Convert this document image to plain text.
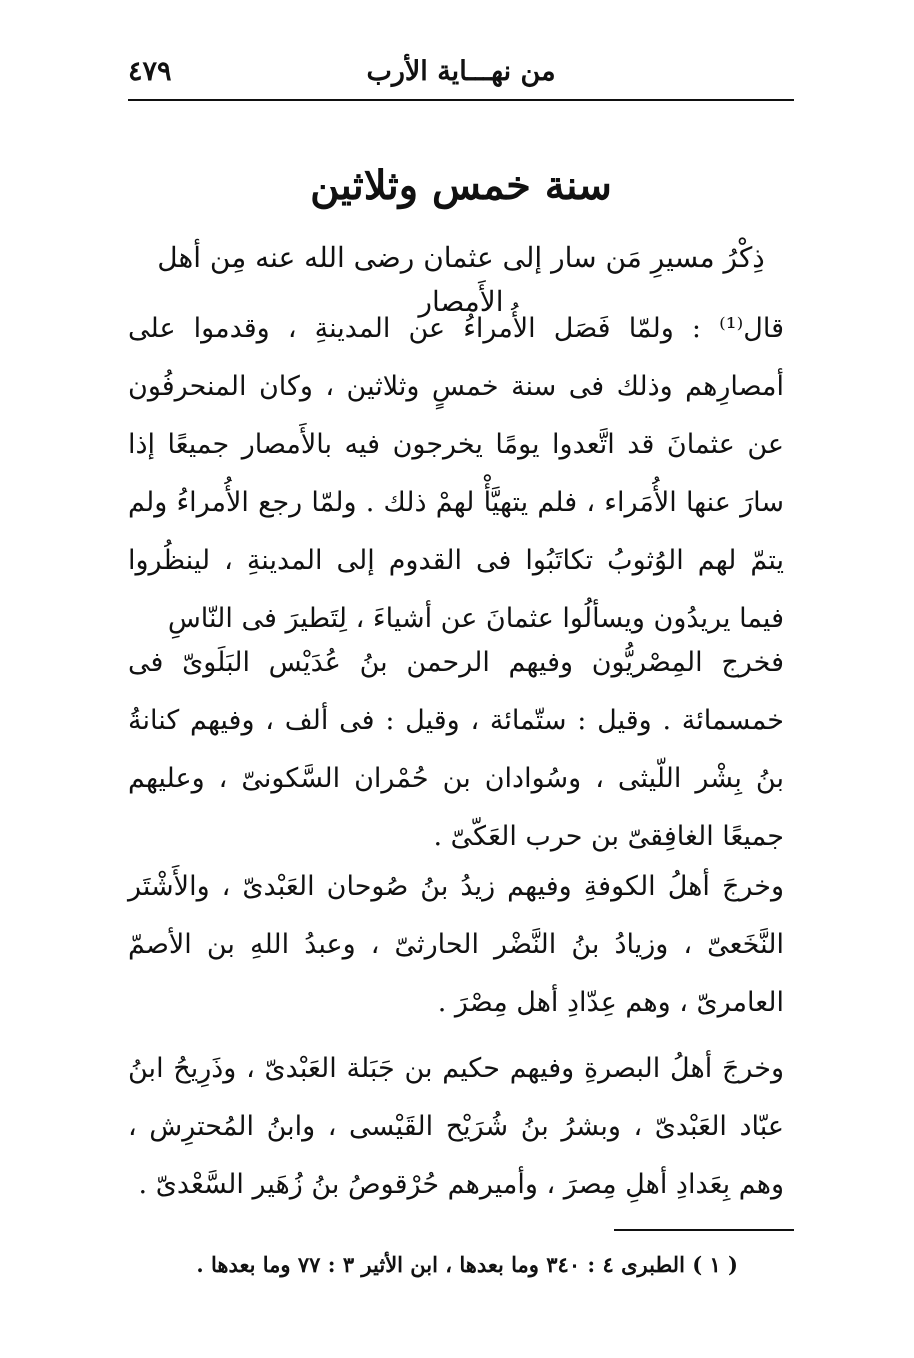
٤٧٩	من نهـــاية الأرب
سنة خمس وثلاثين
ذِكْرُ مسيرِ مَن سار إلى عثمان رضى الله عنه مِن أهل الأَمصار

قال⁽¹⁾ : ولمّا فَصَل الأُمراءُ عن المدينةِ ، وقدموا على أمصارِهم وذلك فى سنة خمسٍ وثلاثين ، وكان المنحرفُون عن عثمانَ قد اتَّعدوا يومًا يخرجون فيه بالأَمصار جميعًا إذا سارَ عنها الأُمَراء ، فلم يتهيَّأْ لهمْ ذلك . ولمّا رجع الأُمراءُ ولم يتمّ لهم الوُثوبُ تكاتَبُوا فى القدوم إلى المدينةِ ، لينظُروا فيما يريدُون ويسألُوا عثمانَ عن أشياءَ ، لِتَطيرَ فى النّاسِ

فخرج المِصْريُّون وفيهم الرحمن بنُ عُدَيْس البَلَوىّ فى خمسمائة . وقيل : ستّمائة ، وقيل : فى ألف ، وفيهم كنانةُ بنُ بِشْر اللّيثى ، وسُوادان بن حُمْران السَّكونىّ ، وعليهم جميعًا الغافِقىّ بن حرب العَكّىّ .

وخرجَ أهلُ الكوفةِ وفيهم زيدُ بنُ صُوحان العَبْدىّ ، والأَشْتَر النَّخَعىّ ، وزيادُ بنُ النَّضْر الحارثىّ ، وعبدُ اللهِ بن الأصمّ العامرىّ ، وهم عِدّادِ أهل مِصْرَ .

وخرجَ أهلُ البصرةِ وفيهم حكيم بن جَبَلة العَبْدىّ ، وذَرِيحُ ابنُ عبّاد العَبْدىّ ، وبشرُ بنُ شُرَيْح القَيْسى ، وابنُ المُحترِش ، وهم بِعَدادِ أهلِ مِصرَ ، وأميرهم حُرْقوصُ بنُ زُهَير السَّعْدىّ .

( ١ ) الطبرى ٤ : ٣٤٠ وما بعدها ، ابن الأثير ٣ : ٧٧ وما بعدها .
